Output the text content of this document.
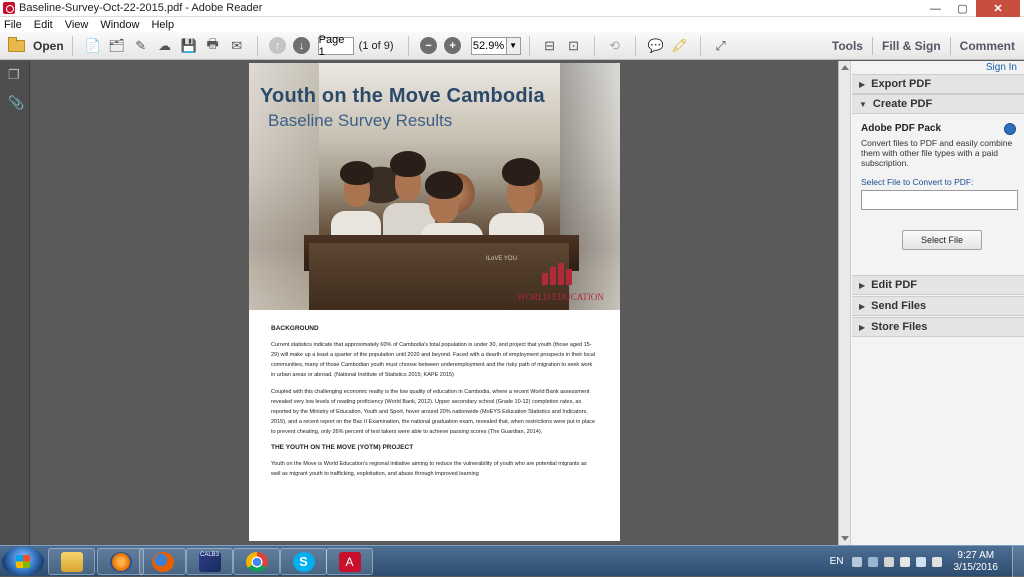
Baseline-Survey-Oct-22-2015.pdf - Adobe Reader	—	▢	✕
File Edit View Window Help
Open 📄 🗂 ✎ ☁ 💾 🖶 ✉	↑	↓	Page 1	(1 of 9)	−	+	52.9% ▼ ⊟ ⊡ ⟲ 💬 🖍 ⤢	Tools	Fill & Sign	Comment
❐
📎
ILoVE YOU
Youth on the Move Cambodia
Baseline Survey Results
WORLD EDUCATION
BACKGROUND

Current statistics indicate that approximately 60% of Cambodia's total population is under 30, and project that youth (those aged 15-29) will make up a least a quarter of the population until 2020 and beyond. Faced with a dearth of employment prospects in their local communities, many of those Cambodian youth must choose between underemployment and the risky path of migration to seek work in urban areas or abroad. (National Institute of Statistics 2015; KAPE 2015)

Coupled with this challenging economic reality is the low quality of education in Cambodia, where a recent World Bank assessment revealed very low levels of reading proficiency (World Bank, 2012). Upper secondary school (Grade 10-12) completion rates, as reported by the Ministry of Education, Youth and Sport, hover around 20% nationwide (MoEYS Education Statistics and Indicators, 2015), and a recent report on the Bac II Examination, the national graduation exam, revealed that, when restrictions were put in place to prevent cheating, only 26% percent of test takers were able to achieve passing scores (The Guardian, 2014).

THE YOUTH ON THE MOVE (YOTM) PROJECT

Youth on the Move is World Education's regional initiative aiming to reduce the vulnerability of youth who are potential migrants as well as migrant youth to trafficking, exploitation, and abuse through improved learning

Sign In
▶ Export PDF
▼ Create PDF
Adobe PDF Pack
Convert files to PDF and easily combine them with other file types with a paid subscription.
Select File to Convert to PDF:
Select File
▶ Edit PDF
▶ Send Files
▶ Store Files
CALB3	S	A	EN
9:27 AM
3/15/2016
